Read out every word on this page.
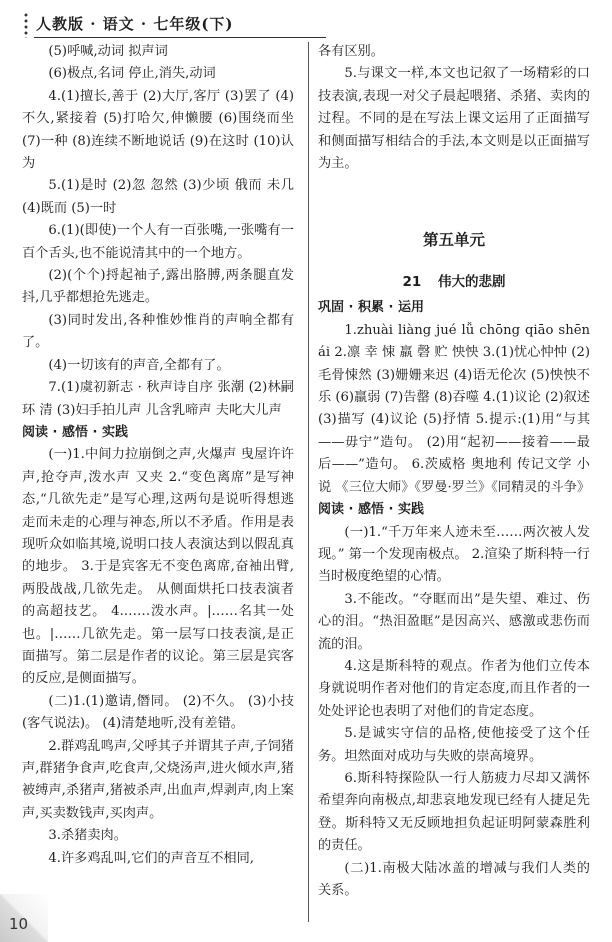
人教版 · 语文 · 七年级(下)

(5)呼喊,动词 拟声词

(6)极点,名词 停止,消失,动词

4.(1)擅长,善于 (2)大厅,客厅 (3)罢了 (4)不久,紧接着 (5)打哈欠,伸懒腰 (6)围绕而坐 (7)一种 (8)连续不断地说话 (9)在这时 (10)认为

5.(1)是时 (2)忽 忽然 (3)少顷 俄而 未几 (4)既而 (5)一时

6.(1)(即使)一个人有一百张嘴,一张嘴有一百个舌头,也不能说清其中的一个地方。

(2)(个个)捋起袖子,露出胳膊,两条腿直发抖,几乎都想抢先逃走。

(3)同时发出,各种惟妙惟肖的声响全都有了。

(4)一切该有的声音,全都有了。

7.(1)虞初新志 · 秋声诗自序 张潮 (2)林嗣环 清 (3)妇手拍儿声 儿含乳啼声 夫叱大儿声

阅读 · 感悟 · 实践

(一)1.中间力拉崩倒之声,火爆声 曳屋许许声,抢夺声,泼水声 又夹 2.“变色离席”是写神态,“几欲先走”是写心理,这两句是说听得想逃走而未走的心理与神态,所以不矛盾。作用是表现听众如临其境,说明口技人表演达到以假乱真的地步。 3.于是宾客无不变色离席,奋袖出臂,两股战战,几欲先走。 从侧面烘托口技表演者的高超技艺。 4.……泼水声。|……名其一处也。|……几欲先走。第一层写口技表演,是正面描写。第二层是作者的议论。第三层是宾客的反应,是侧面描写。

(二)1.(1)邀请,僭同。 (2)不久。 (3)小技(客气说法)。 (4)清楚地听,没有差错。

2.群鸡乱鸣声,父呼其子并谓其子声,子饲猪声,群猪争食声,吃食声,父烧汤声,进火倾水声,猪被缚声,杀猪声,猪被杀声,出血声,焊剥声,肉上案声,买卖数钱声,买肉声。

3.杀猪卖肉。

4.许多鸡乱叫,它们的声音互不相同,

各有区别。

5.与课文一样,本文也记叙了一场精彩的口技表演,表现一对父子晨起喂猪、杀猪、卖肉的过程。不同的是在写法上课文运用了正面描写和侧面描写相结合的手法,本文则是以正面描写为主。

第五单元

21 伟大的悲剧

巩固 · 积累 · 运用

1.zhuài liàng jué lǚ chōng qiāo shēn ái 2.凛 幸 悚 羸 磬 贮 怏怏 3.(1)忧心忡忡 (2)毛骨悚然 (3)姗姗来迟 (4)语无伦次 (5)怏怏不乐 (6)羸弱 (7)告罄 (8)吞噬 4.(1)议论 (2)叙述 (3)描写 (4)议论 (5)抒情 5.提示:(1)用“与其——毋宁”造句。 (2)用“起初——接着——最后——”造句。 6.茨威格 奥地利 传记文学 小说 《三位大师》《罗曼·罗兰》《同精灵的斗争》

阅读 · 感悟 · 实践

(一)1.“千万年来人迹未至……两次被人发现。” 第一个发现南极点。 2.渲染了斯科特一行当时极度绝望的心情。

3.不能改。“夺眶而出”是失望、难过、伤心的泪。“热泪盈眶”是因高兴、感激或悲伤而流的泪。

4.这是斯科特的观点。作者为他们立传本身就说明作者对他们的肯定态度,而且作者的一处处评论也表明了对他们的肯定态度。

5.是诚实守信的品格,使他接受了这个任务。坦然面对成功与失败的崇高境界。

6.斯科特探险队一行人筋疲力尽却又满怀希望奔向南极点,却悲哀地发现已经有人捷足先登。斯科特又无反顾地担负起证明阿蒙森胜利的责任。

(二)1.南极大陆冰盖的增减与我们人类的关系。

10
